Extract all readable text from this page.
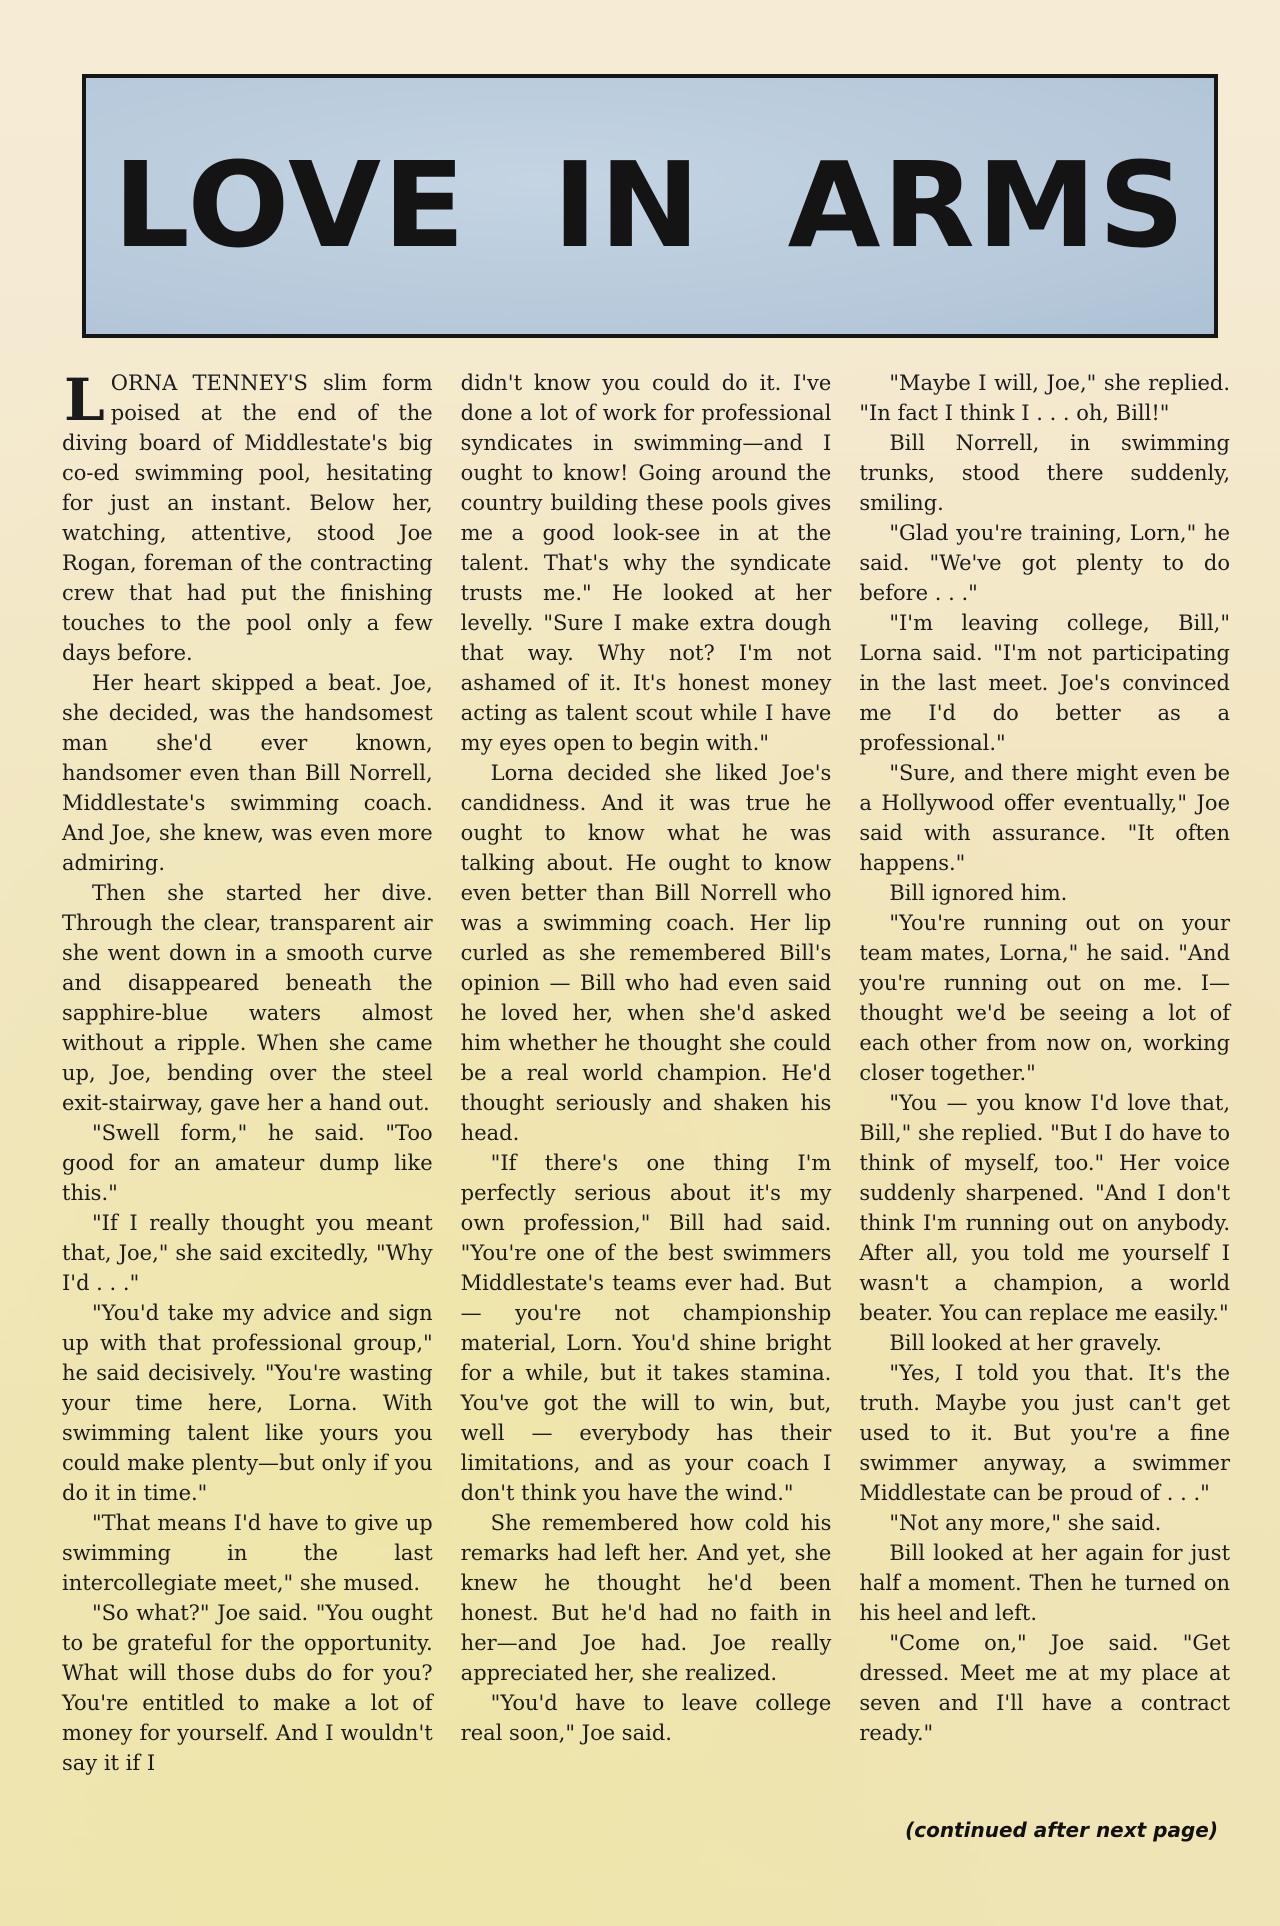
LOVE IN ARMS

LORNA TENNEY'S slim form poised at the end of the diving board of Middlestate's big co-ed swimming pool, hesitating for just an instant. Below her, watching, attentive, stood Joe Rogan, foreman of the contracting crew that had put the finishing touches to the pool only a few days before.

Her heart skipped a beat. Joe, she decided, was the handsomest man she'd ever known, handsomer even than Bill Norrell, Middlestate's swimming coach. And Joe, she knew, was even more admiring.

Then she started her dive. Through the clear, transparent air she went down in a smooth curve and disappeared beneath the sapphire-blue waters almost without a ripple. When she came up, Joe, bending over the steel exit-stairway, gave her a hand out.

"Swell form," he said. "Too good for an amateur dump like this."

"If I really thought you meant that, Joe," she said excitedly, "Why I'd . . ."

"You'd take my advice and sign up with that professional group," he said decisively. "You're wasting your time here, Lorna. With swimming talent like yours you could make plenty—but only if you do it in time."

"That means I'd have to give up swimming in the last intercollegiate meet," she mused.

"So what?" Joe said. "You ought to be grateful for the opportunity. What will those dubs do for you? You're entitled to make a lot of money for yourself. And I wouldn't say it if I

didn't know you could do it. I've done a lot of work for professional syndicates in swimming—and I ought to know! Going around the country building these pools gives me a good look-see in at the talent. That's why the syndicate trusts me." He looked at her levelly. "Sure I make extra dough that way. Why not? I'm not ashamed of it. It's honest money acting as talent scout while I have my eyes open to begin with."

Lorna decided she liked Joe's candidness. And it was true he ought to know what he was talking about. He ought to know even better than Bill Norrell who was a swimming coach. Her lip curled as she remembered Bill's opinion — Bill who had even said he loved her, when she'd asked him whether he thought she could be a real world champion. He'd thought seriously and shaken his head.

"If there's one thing I'm perfectly serious about it's my own profession," Bill had said. "You're one of the best swimmers Middlestate's teams ever had. But — you're not championship material, Lorn. You'd shine bright for a while, but it takes stamina. You've got the will to win, but, well — everybody has their limitations, and as your coach I don't think you have the wind."

She remembered how cold his remarks had left her. And yet, she knew he thought he'd been honest. But he'd had no faith in her—and Joe had. Joe really appreciated her, she realized.

"You'd have to leave college real soon," Joe said.

"Maybe I will, Joe," she replied. "In fact I think I . . . oh, Bill!"

Bill Norrell, in swimming trunks, stood there suddenly, smiling.

"Glad you're training, Lorn," he said. "We've got plenty to do before . . ."

"I'm leaving college, Bill," Lorna said. "I'm not participating in the last meet. Joe's convinced me I'd do better as a professional."

"Sure, and there might even be a Hollywood offer eventually," Joe said with assurance. "It often happens."

Bill ignored him.

"You're running out on your team mates, Lorna," he said. "And you're running out on me. I—thought we'd be seeing a lot of each other from now on, working closer together."

"You — you know I'd love that, Bill," she replied. "But I do have to think of myself, too." Her voice suddenly sharpened. "And I don't think I'm running out on anybody. After all, you told me yourself I wasn't a champion, a world beater. You can replace me easily."

Bill looked at her gravely.

"Yes, I told you that. It's the truth. Maybe you just can't get used to it. But you're a fine swimmer anyway, a swimmer Middlestate can be proud of . . ."

"Not any more," she said.

Bill looked at her again for just half a moment. Then he turned on his heel and left.

"Come on," Joe said. "Get dressed. Meet me at my place at seven and I'll have a contract ready."

(continued after next page)
